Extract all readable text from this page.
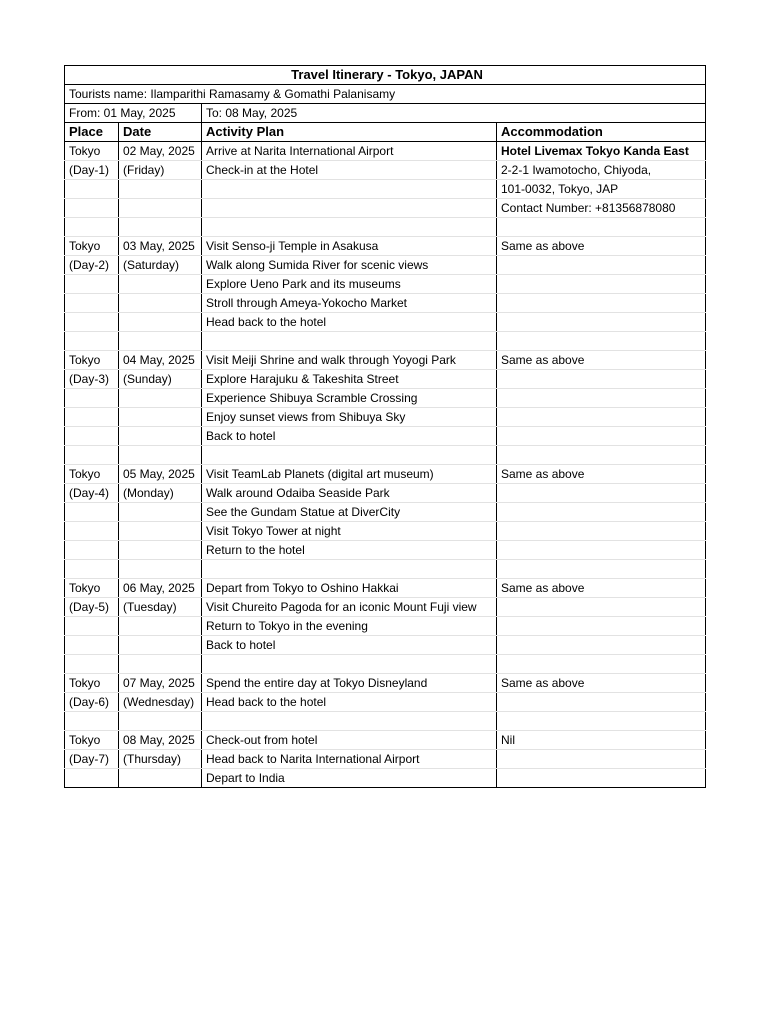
Travel Itinerary - Tokyo, JAPAN			
Tourists name: Ilamparithi Ramasamy & Gomathi Palanisamy			
From: 01 May, 2025		To: 08 May, 2025	
Place	Date	Activity Plan	Accommodation
Tokyo	02 May, 2025	Arrive at Narita International Airport	Hotel Livemax Tokyo Kanda East
(Day-1)	(Friday)	Check-in at the Hotel	2-2-1 Iwamotocho, Chiyoda,
			101-0032, Tokyo, JAP
			Contact Number: +81356878080

Tokyo	03 May, 2025	Visit Senso-ji Temple in Asakusa	Same as above
(Day-2)	(Saturday)	Walk along Sumida River for scenic views	
		Explore Ueno Park and its museums	
		Stroll through Ameya-Yokocho Market	
		Head back to the hotel	

Tokyo	04 May, 2025	Visit Meiji Shrine and walk through Yoyogi Park	Same as above
(Day-3)	(Sunday)	Explore Harajuku & Takeshita Street	
		Experience Shibuya Scramble Crossing	
		Enjoy sunset views from Shibuya Sky	
		Back to hotel	

Tokyo	05 May, 2025	Visit TeamLab Planets (digital art museum)	Same as above
(Day-4)	(Monday)	Walk around Odaiba Seaside Park	
		See the Gundam Statue at DiverCity	
		Visit Tokyo Tower at night	
		Return to the hotel	

Tokyo	06 May, 2025	Depart from Tokyo to Oshino Hakkai	Same as above
(Day-5)	(Tuesday)	Visit Chureito Pagoda for an iconic Mount Fuji view	
		Return to Tokyo in the evening	
		Back to hotel	

Tokyo	07 May, 2025	Spend the entire day at Tokyo Disneyland	Same as above
(Day-6)	(Wednesday)	Head back to the hotel	

Tokyo	08 May, 2025	Check-out from hotel	Nil
(Day-7)	(Thursday)	Head back to Narita International Airport	
		Depart to India	
